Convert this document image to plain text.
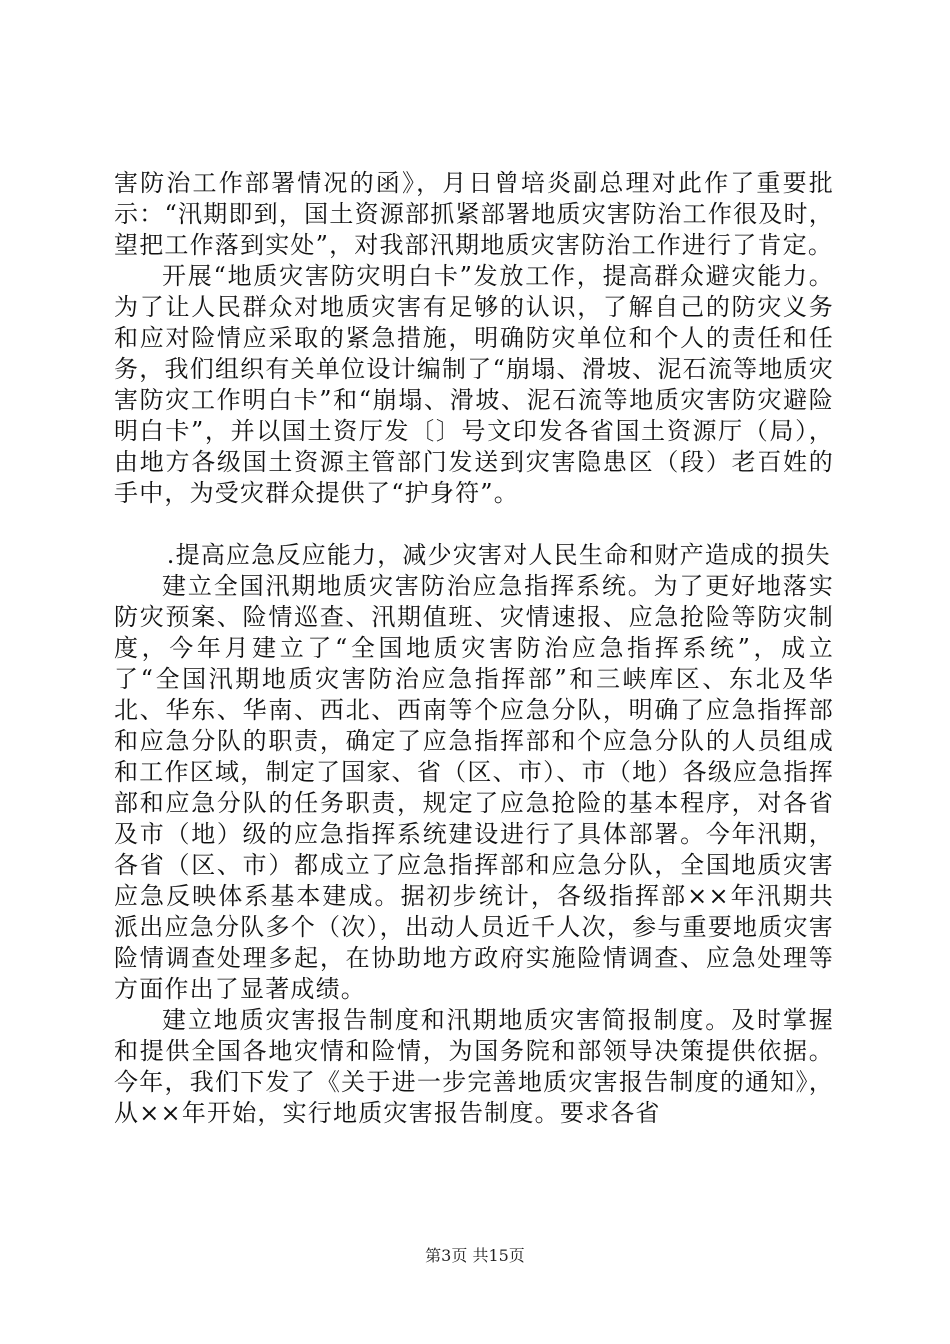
害防治工作部署情况的函》，月日曾培炎副总理对此作了重要批示：“汛期即到，国土资源部抓紧部署地质灾害防治工作很及时，望把工作落到实处”，对我部汛期地质灾害防治工作进行了肯定。

开展“地质灾害防灾明白卡”发放工作，提高群众避灾能力。为了让人民群众对地质灾害有足够的认识，了解自己的防灾义务和应对险情应采取的紧急措施，明确防灾单位和个人的责任和任务，我们组织有关单位设计编制了“崩塌、滑坡、泥石流等地质灾害防灾工作明白卡”和“崩塌、滑坡、泥石流等地质灾害防灾避险明白卡”，并以国土资厅发〔〕号文印发各省国土资源厅（局），由地方各级国土资源主管部门发送到灾害隐患区（段）老百姓的手中，为受灾群众提供了“护身符”。

.提高应急反应能力，减少灾害对人民生命和财产造成的损失

建立全国汛期地质灾害防治应急指挥系统。为了更好地落实防灾预案、险情巡查、汛期值班、灾情速报、应急抢险等防灾制度，今年月建立了“全国地质灾害防治应急指挥系统”，成立了“全国汛期地质灾害防治应急指挥部”和三峡库区、东北及华北、华东、华南、西北、西南等个应急分队，明确了应急指挥部和应急分队的职责，确定了应急指挥部和个应急分队的人员组成和工作区域，制定了国家、省（区、市）、市（地）各级应急指挥部和应急分队的任务职责，规定了应急抢险的基本程序，对各省及市（地）级的应急指挥系统建设进行了具体部署。今年汛期，各省（区、市）都成立了应急指挥部和应急分队，全国地质灾害应急反映体系基本建成。据初步统计，各级指挥部××年汛期共派出应急分队多个（次），出动人员近千人次，参与重要地质灾害险情调查处理多起，在协助地方政府实施险情调查、应急处理等方面作出了显著成绩。

建立地质灾害报告制度和汛期地质灾害简报制度。及时掌握和提供全国各地灾情和险情，为国务院和部领导决策提供依据。今年，我们下发了《关于进一步完善地质灾害报告制度的通知》，从××年开始，实行地质灾害报告制度。要求各省

第3页 共15页
